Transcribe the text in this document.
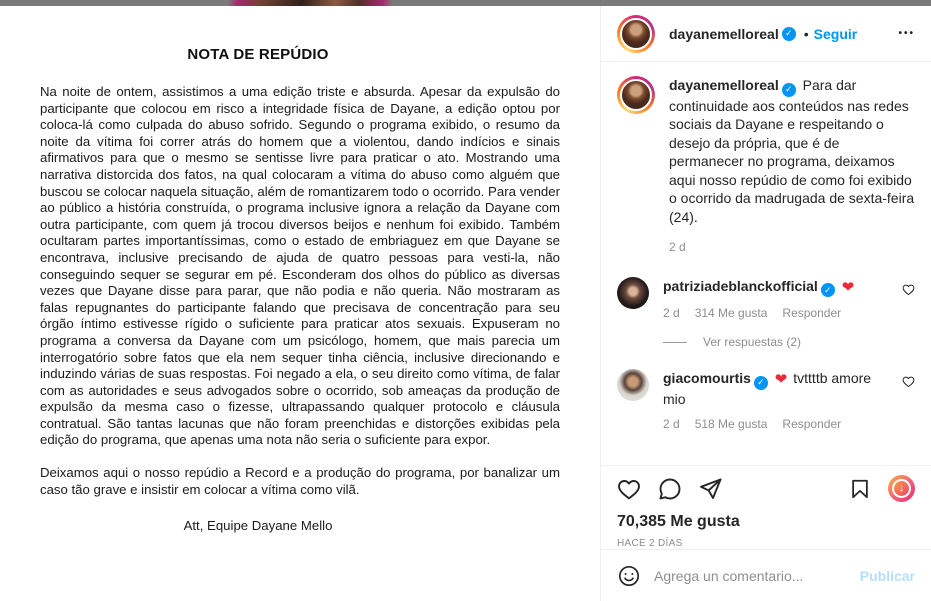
NOTA DE REPÚDIO
Na noite de ontem, assistimos a uma edição triste e absurda. Apesar da expulsão do participante que colocou em risco a integridade física de Dayane, a edição optou por coloca-lá como culpada do abuso sofrido. Segundo o programa exibido, o resumo da noite da vítima foi correr atrás do homem que a violentou, dando indícios e sinais afirmativos para que o mesmo se sentisse livre para praticar o ato. Mostrando uma narrativa distorcida dos fatos, na qual colocaram a vítima do abuso como alguém que buscou se colocar naquela situação, além de romantizarem todo o ocorrido. Para vender ao público a história construída, o programa inclusive ignora a relação da Dayane com outra participante, com quem já trocou diversos beijos e nenhum foi exibido. Também ocultaram partes importantíssimas, como o estado de embriaguez em que Dayane se encontrava, inclusive precisando de ajuda de quatro pessoas para vesti-la, não conseguindo sequer se segurar em pé. Esconderam dos olhos do público as diversas vezes que Dayane disse para parar, que não podia e não queria. Não mostraram as falas repugnantes do participante falando que precisava de concentração para seu órgão íntimo estivesse rígido o suficiente para praticar atos sexuais. Expuseram no programa a conversa da Dayane com um psicólogo, homem, que mais parecia um interrogatório sobre fatos que ela nem sequer tinha ciência, inclusive direcionando e induzindo várias de suas respostas. Foi negado a ela, o seu direito como vítima, de falar com as autoridades e seus advogados sobre o ocorrido, sob ameaças da produção de expulsão da mesma caso o fizesse, ultrapassando qualquer protocolo e cláusula contratual. São tantas lacunas que não foram preenchidas e distorções exibidas pela edição do programa, que apenas uma nota não seria o suficiente para expor.
Deixamos aqui o nosso repúdio a Record e a produção do programa, por banalizar um caso tão grave e insistir em colocar a vítima como vilã.
Att, Equipe Dayane Mello
dayanemelloreal ✓ • Seguir	•••
dayanemelloreal ✓ Para dar continuidade aos conteúdos nas redes sociais da Dayane e respeitando o desejo da própria, que é de permanecer no programa, deixamos aqui nosso repúdio de como foi exibido o ocorrido da madrugada de sexta-feira (24).
2 d
patriziadeblanckofficial ✓ ❤
2 d 314 Me gusta Responder
Ver respuestas (2)
giacomourtis ✓ ❤ tvttttb amore mio
2 d 518 Me gusta Responder
↓
70,385 Me gusta
HACE 2 DÍAS
Agrega un comentario...
Publicar
